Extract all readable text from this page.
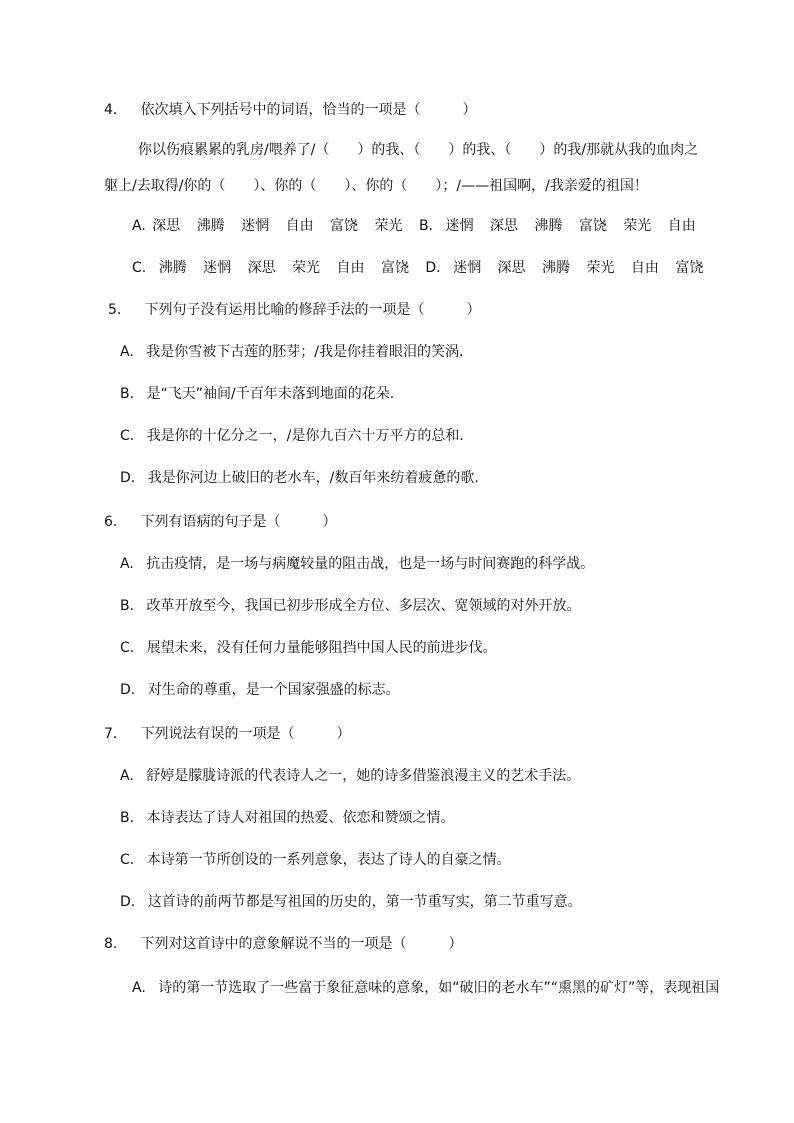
4. 依次填入下列括号中的词语，恰当的一项是（　　　）
你以伤痕累累的乳房/喂养了/（　　）的我、（　　）的我、（　　）的我/那就从我的血肉之
躯上/去取得/你的（　　）、你的（　　）、你的（　　）；/——祖国啊，/我亲爱的祖国！
A. 深思 沸腾 迷惘 自由 富饶 荣光 B. 迷惘 深思 沸腾 富饶 荣光 自由
C. 沸腾 迷惘 深思 荣光 自由 富饶 D. 迷惘 深思 沸腾 荣光 自由 富饶
5. 下列句子没有运用比喻的修辞手法的一项是（　　　）
A. 我是你雪被下古莲的胚芽；/我是你挂着眼泪的笑涡.
B. 是“飞天”袖间/千百年未落到地面的花朵.
C. 我是你的十亿分之一，/是你九百六十万平方的总和.
D. 我是你河边上破旧的老水车，/数百年来纺着疲惫的歌.
6. 下列有语病的句子是（　　　）
A. 抗击疫情，是一场与病魔较量的阻击战，也是一场与时间赛跑的科学战。
B. 改革开放至今，我国已初步形成全方位、多层次、宽领域的对外开放。
C. 展望未来，没有任何力量能够阻挡中国人民的前进步伐。
D. 对生命的尊重，是一个国家强盛的标志。
7. 下列说法有误的一项是（　　　）
A. 舒婷是朦胧诗派的代表诗人之一，她的诗多借鉴浪漫主义的艺术手法。
B. 本诗表达了诗人对祖国的热爱、依恋和赞颂之情。
C. 本诗第一节所创设的一系列意象，表达了诗人的自豪之情。
D. 这首诗的前两节都是写祖国的历史的，第一节重写实，第二节重写意。
8. 下列对这首诗中的意象解说不当的一项是（　　　）
A. 诗的第一节选取了一些富于象征意味的意象，如“破旧的老水车”“熏黑的矿灯”等，表现祖国
